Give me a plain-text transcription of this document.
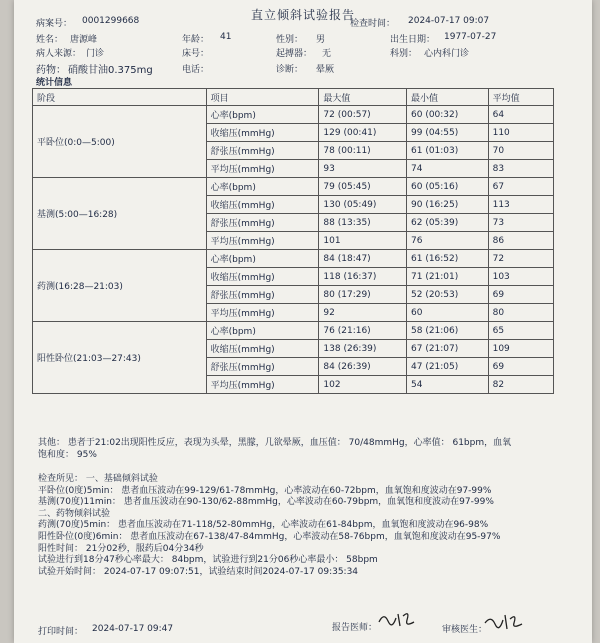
直立倾斜试验报告
病案号： 0001299668	检查时间： 2024-07-17 09:07
姓名： 唐源峰	年龄： 41	性别： 男	出生日期： 1977-07-27
病人来源： 门诊	床号：	起搏器： 无	科别： 心内科门诊
药物： 硝酸甘油0.375mg	电话：	诊断： 晕厥
统计信息
阶段	项目	最大值	最小值	平均值
平卧位(0:0—5:00)	心率(bpm)	72 (00:57)	60 (00:32)	64
	收缩压(mmHg)	129 (00:41)	99 (04:55)	110
	舒张压(mmHg)	78 (00:11)	61 (01:03)	70
	平均压(mmHg)	93	74	83
基测(5:00—16:28)	心率(bpm)	79 (05:45)	60 (05:16)	67
	收缩压(mmHg)	130 (05:49)	90 (16:25)	113
	舒张压(mmHg)	88 (13:35)	62 (05:39)	73
	平均压(mmHg)	101	76	86
药测(16:28—21:03)	心率(bpm)	84 (18:47)	61 (16:52)	72
	收缩压(mmHg)	118 (16:37)	71 (21:01)	103
	舒张压(mmHg)	80 (17:29)	52 (20:53)	69
	平均压(mmHg)	92	60	80
阳性卧位(21:03—27:43)	心率(bpm)	76 (21:16)	58 (21:06)	65
	收缩压(mmHg)	138 (26:39)	67 (21:07)	109
	舒张压(mmHg)	84 (26:39)	47 (21:05)	69
	平均压(mmHg)	102	54	82
其他： 患者于21:02出现阳性反应，表现为头晕，黑朦，几欲晕厥，血压值： 70/48mmHg，心率值： 61bpm，血氧
饱和度： 95%
检查所见： 一、基础倾斜试验
平卧位(0度)5min： 患者血压波动在99-129/61-78mmHg，心率波动在60-72bpm，血氧饱和度波动在97-99%
基测(70度)11min： 患者血压波动在90-130/62-88mmHg，心率波动在60-79bpm，血氧饱和度波动在97-99%
二、药物倾斜试验
药测(70度)5min： 患者血压波动在71-118/52-80mmHg，心率波动在61-84bpm，血氧饱和度波动在96-98%
阳性卧位(0度)6min： 患者血压波动在67-138/47-84mmHg，心率波动在58-76bpm，血氧饱和度波动在95-97%
阳性时间： 21分02秒，服药后04分34秒
试验进行到18分47秒心率最大： 84bpm，试验进行到21分06秒心率最小： 58bpm
试验开始时间： 2024-07-17 09:07:51，试验结束时间2024-07-17 09:35:34
报告医师：	审核医生：
打印时间： 2024-07-17 09:47
